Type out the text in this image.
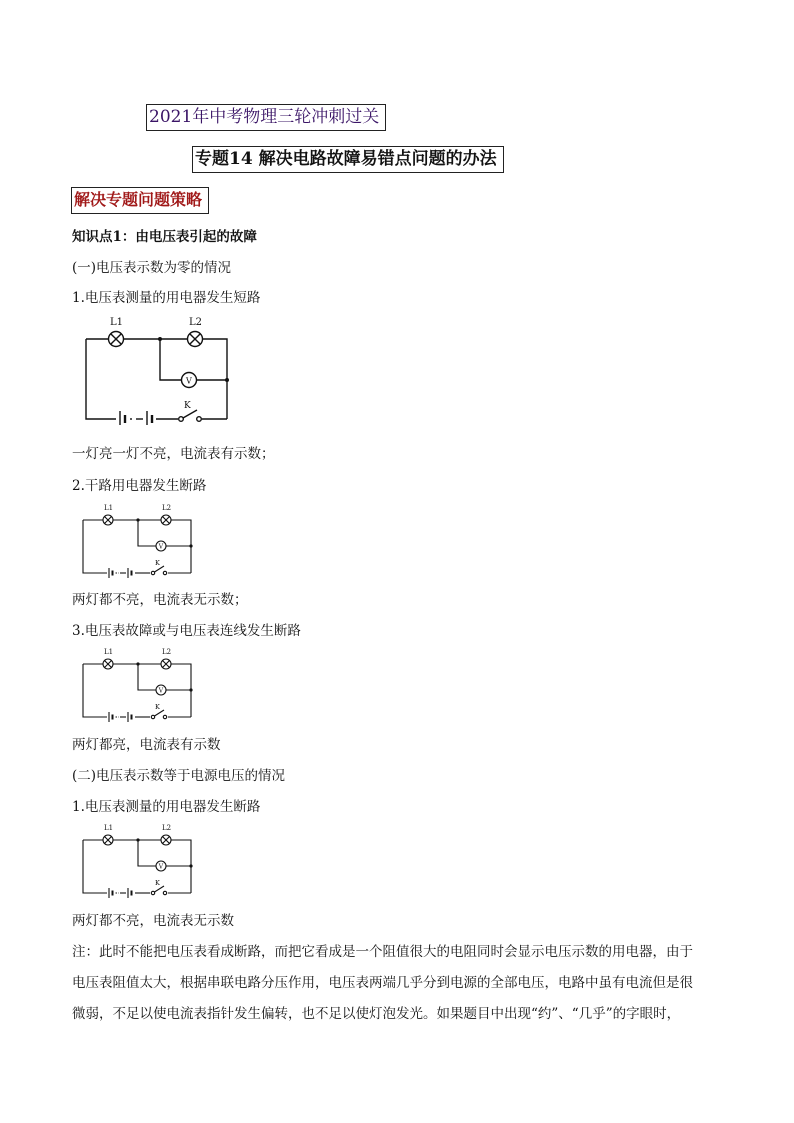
2021年中考物理三轮冲刺过关
专题14 解决电路故障易错点问题的办法
解决专题问题策略
知识点1：由电压表引起的故障
(一)电压表示数为零的情况
1.电压表测量的用电器发生短路
L1	L2
V
K
一灯亮一灯不亮，电流表有示数；
2.干路用电器发生断路
L1	L2
V
K
两灯都不亮，电流表无示数；
3.电压表故障或与电压表连线发生断路
L1	L2
V
K
两灯都亮，电流表有示数
(二)电压表示数等于电源电压的情况
1.电压表测量的用电器发生断路
L1	L2
V
K
两灯都不亮，电流表无示数
注：此时不能把电压表看成断路，而把它看成是一个阻值很大的电阻同时会显示电压示数的用电器，由于
电压表阻值太大，根据串联电路分压作用，电压表两端几乎分到电源的全部电压，电路中虽有电流但是很
微弱，不足以使电流表指针发生偏转，也不足以使灯泡发光。如果题目中出现“约”、“几乎”的字眼时，
